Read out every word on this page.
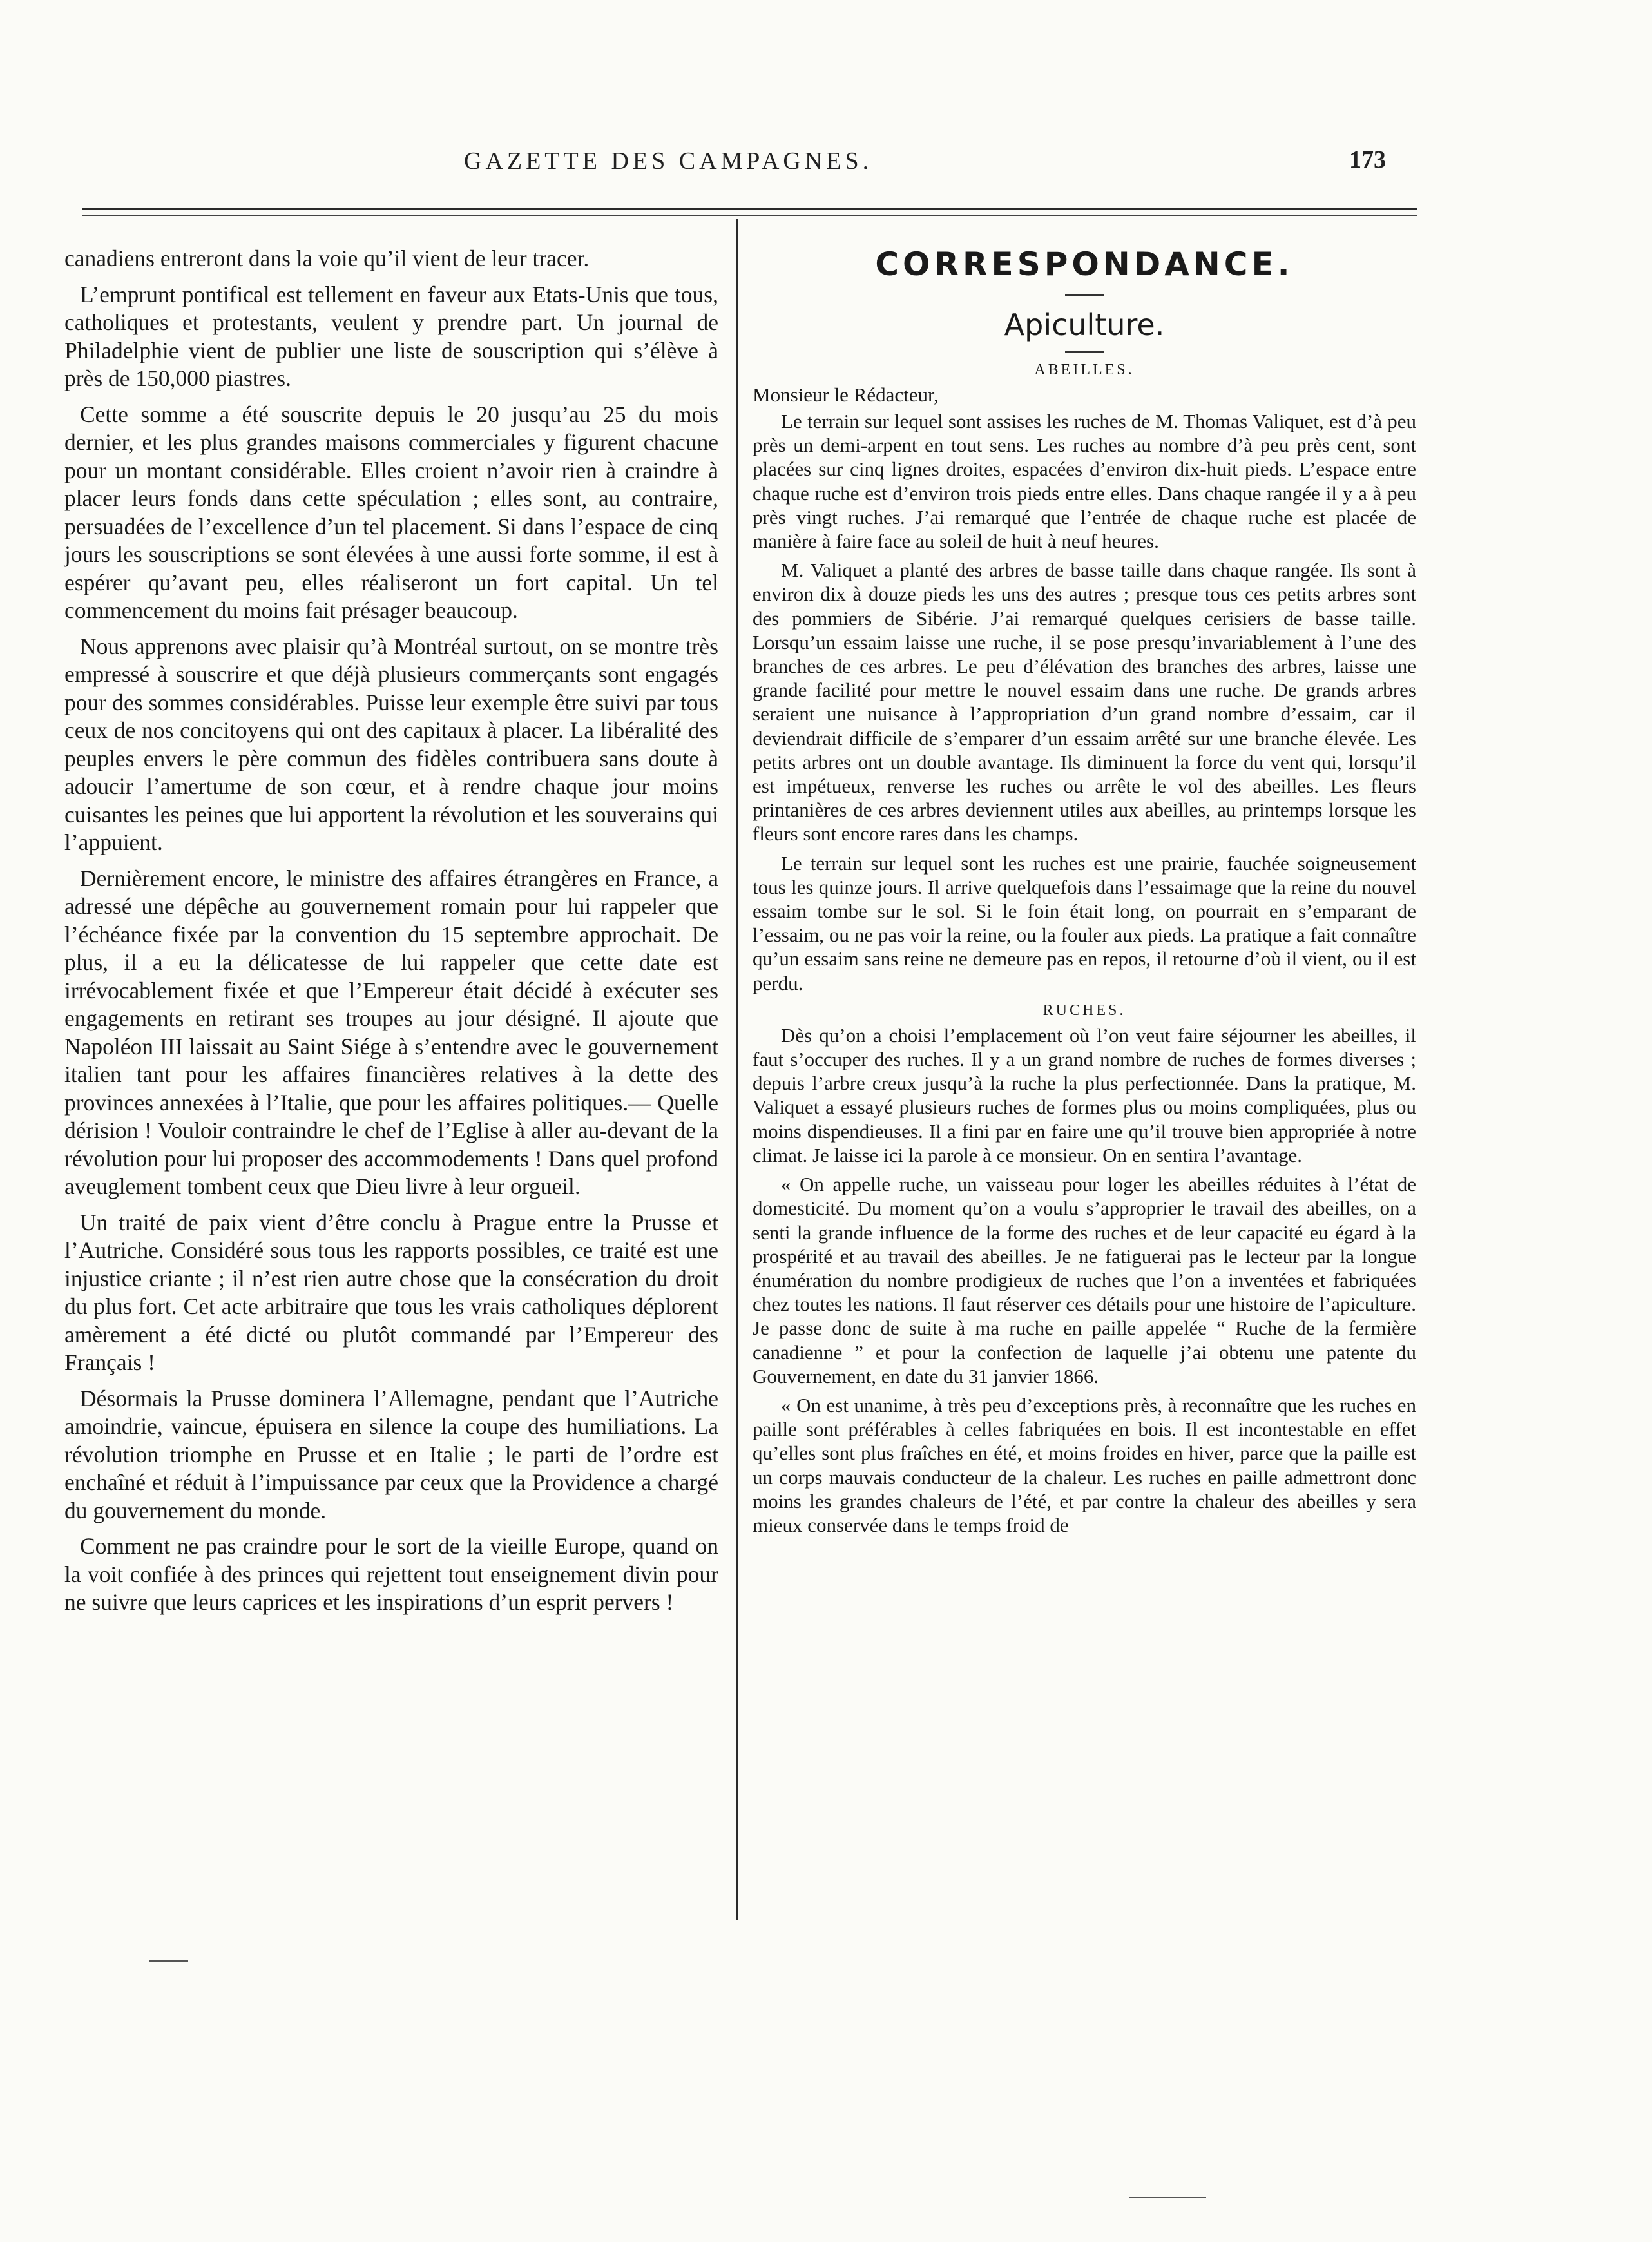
GAZETTE DES CAMPAGNES.	173

canadiens entreront dans la voie qu’il vient de leur tracer.

L’emprunt pontifical est tellement en faveur aux Etats-Unis que tous, catholiques et protestants, veulent y prendre part. Un journal de Philadelphie vient de publier une liste de souscription qui s’élève à près de 150,000 piastres.

Cette somme a été souscrite depuis le 20 jusqu’au 25 du mois dernier, et les plus grandes maisons commerciales y figurent chacune pour un montant considérable. Elles croient n’avoir rien à craindre à placer leurs fonds dans cette spéculation ; elles sont, au contraire, persuadées de l’excellence d’un tel placement. Si dans l’espace de cinq jours les souscriptions se sont élevées à une aussi forte somme, il est à espérer qu’avant peu, elles réaliseront un fort capital. Un tel commencement du moins fait présager beaucoup.

Nous apprenons avec plaisir qu’à Montréal surtout, on se montre très empressé à souscrire et que déjà plusieurs commerçants sont engagés pour des sommes considérables. Puisse leur exemple être suivi par tous ceux de nos concitoyens qui ont des capitaux à placer. La libéralité des peuples envers le père commun des fidèles contribuera sans doute à adoucir l’amertume de son cœur, et à rendre chaque jour moins cuisantes les peines que lui apportent la révolution et les souverains qui l’appuient.

Dernièrement encore, le ministre des affaires étrangères en France, a adressé une dépêche au gouvernement romain pour lui rappeler que l’échéance fixée par la convention du 15 septembre approchait. De plus, il a eu la délicatesse de lui rappeler que cette date est irrévocablement fixée et que l’Empereur était décidé à exécuter ses engagements en retirant ses troupes au jour désigné. Il ajoute que Napoléon III laissait au Saint Siége à s’entendre avec le gouvernement italien tant pour les affaires financières relatives à la dette des provinces annexées à l’Italie, que pour les affaires politiques.— Quelle dérision ! Vouloir contraindre le chef de l’Eglise à aller au-devant de la révolution pour lui proposer des accommodements ! Dans quel profond aveuglement tombent ceux que Dieu livre à leur orgueil.

Un traité de paix vient d’être conclu à Prague entre la Prusse et l’Autriche. Considéré sous tous les rapports possibles, ce traité est une injustice criante ; il n’est rien autre chose que la consécration du droit du plus fort. Cet acte arbitraire que tous les vrais catholiques déplorent amèrement a été dicté ou plutôt commandé par l’Empereur des Français !

Désormais la Prusse dominera l’Allemagne, pendant que l’Autriche amoindrie, vaincue, épuisera en silence la coupe des humiliations. La révolution triomphe en Prusse et en Italie ; le parti de l’ordre est enchaîné et réduit à l’impuissance par ceux que la Providence a chargé du gouvernement du monde.

Comment ne pas craindre pour le sort de la vieille Europe, quand on la voit confiée à des princes qui rejettent tout enseignement divin pour ne suivre que leurs caprices et les inspirations d’un esprit pervers !

CORRESPONDANCE.
Apiculture.
ABEILLES.
Monsieur le Rédacteur,

Le terrain sur lequel sont assises les ruches de M. Thomas Valiquet, est d’à peu près un demi-arpent en tout sens. Les ruches au nombre d’à peu près cent, sont placées sur cinq lignes droites, espacées d’environ dix-huit pieds. L’espace entre chaque ruche est d’environ trois pieds entre elles. Dans chaque rangée il y a à peu près vingt ruches. J’ai remarqué que l’entrée de chaque ruche est placée de manière à faire face au soleil de huit à neuf heures.

M. Valiquet a planté des arbres de basse taille dans chaque rangée. Ils sont à environ dix à douze pieds les uns des autres ; presque tous ces petits arbres sont des pommiers de Sibérie. J’ai remarqué quelques cerisiers de basse taille. Lorsqu’un essaim laisse une ruche, il se pose presqu’invariablement à l’une des branches de ces arbres. Le peu d’élévation des branches des arbres, laisse une grande facilité pour mettre le nouvel essaim dans une ruche. De grands arbres seraient une nuisance à l’appropriation d’un grand nombre d’essaim, car il deviendrait difficile de s’emparer d’un essaim arrêté sur une branche élevée. Les petits arbres ont un double avantage. Ils diminuent la force du vent qui, lorsqu’il est impétueux, renverse les ruches ou arrête le vol des abeilles. Les fleurs printanières de ces arbres deviennent utiles aux abeilles, au printemps lorsque les fleurs sont encore rares dans les champs.

Le terrain sur lequel sont les ruches est une prairie, fauchée soigneusement tous les quinze jours. Il arrive quelquefois dans l’essaimage que la reine du nouvel essaim tombe sur le sol. Si le foin était long, on pourrait en s’emparant de l’essaim, ou ne pas voir la reine, ou la fouler aux pieds. La pratique a fait connaître qu’un essaim sans reine ne demeure pas en repos, il retourne d’où il vient, ou il est perdu.

RUCHES.

Dès qu’on a choisi l’emplacement où l’on veut faire séjourner les abeilles, il faut s’occuper des ruches. Il y a un grand nombre de ruches de formes diverses ; depuis l’arbre creux jusqu’à la ruche la plus perfectionnée. Dans la pratique, M. Valiquet a essayé plusieurs ruches de formes plus ou moins compliquées, plus ou moins dispendieuses. Il a fini par en faire une qu’il trouve bien appropriée à notre climat. Je laisse ici la parole à ce monsieur. On en sentira l’avantage.

« On appelle ruche, un vaisseau pour loger les abeilles réduites à l’état de domesticité. Du moment qu’on a voulu s’approprier le travail des abeilles, on a senti la grande influence de la forme des ruches et de leur capacité eu égard à la prospérité et au travail des abeilles. Je ne fatiguerai pas le lecteur par la longue énumération du nombre prodigieux de ruches que l’on a inventées et fabriquées chez toutes les nations. Il faut réserver ces détails pour une histoire de l’apiculture. Je passe donc de suite à ma ruche en paille appelée “ Ruche de la fermière canadienne ” et pour la confection de laquelle j’ai obtenu une patente du Gouvernement, en date du 31 janvier 1866.

« On est unanime, à très peu d’exceptions près, à reconnaître que les ruches en paille sont préférables à celles fabriquées en bois. Il est incontestable en effet qu’elles sont plus fraîches en été, et moins froides en hiver, parce que la paille est un corps mauvais conducteur de la chaleur. Les ruches en paille admettront donc moins les grandes chaleurs de l’été, et par contre la chaleur des abeilles y sera mieux conservée dans le temps froid de
